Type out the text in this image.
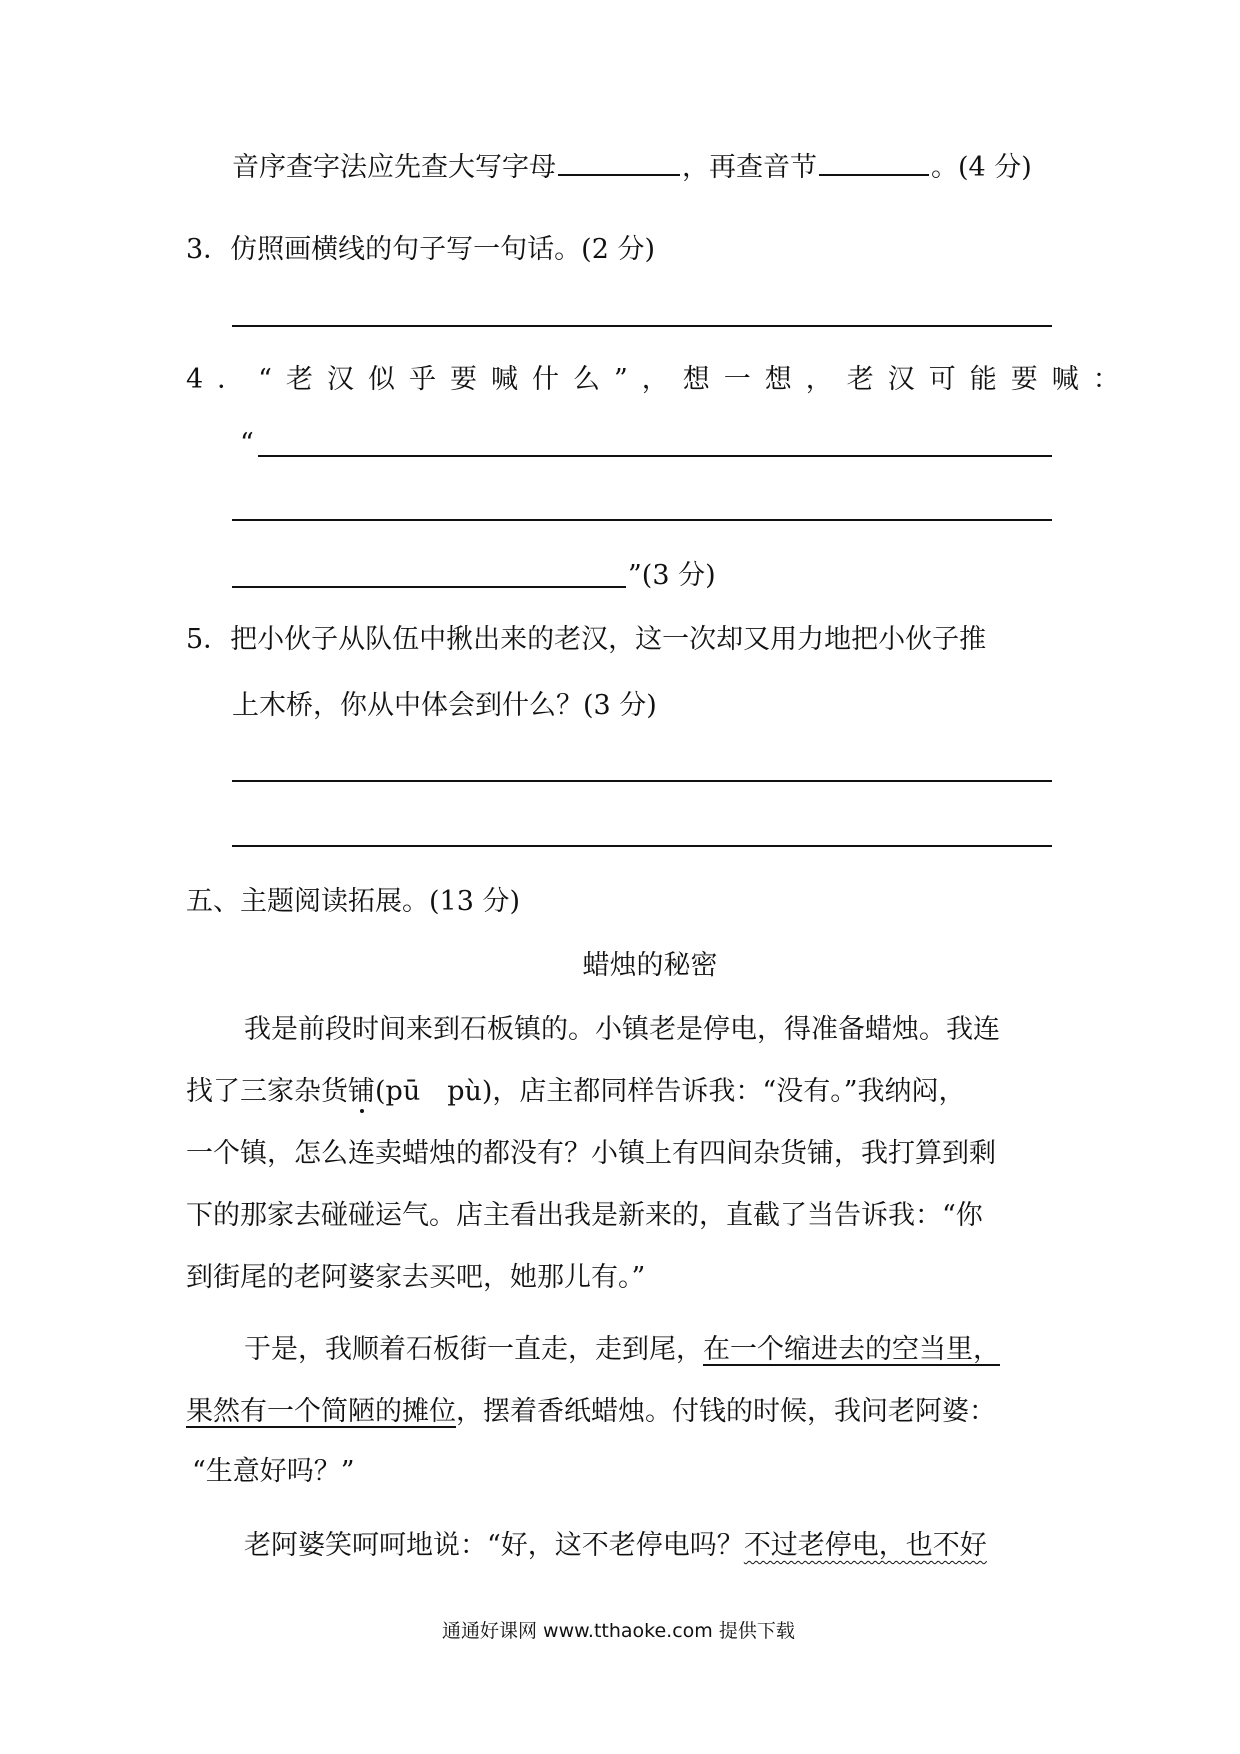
音序查字法应先查大写字母	，再查音节	。(4 分)
3．仿照画横线的句子写一句话。(2 分)
4．“老汉似乎要喊什么”，想一想，老汉可能要喊：
“
”(3 分)
5．把小伙子从队伍中揪出来的老汉，这一次却又用力地把小伙子推
上木桥，你从中体会到什么？(3 分)
五、主题阅读拓展。(13 分)
蜡烛的秘密
我是前段时间来到石板镇的。小镇老是停电，得准备蜡烛。我连
找了三家杂货铺(pū　pù)，店主都同样告诉我：“没有。”我纳闷，
一个镇，怎么连卖蜡烛的都没有？小镇上有四间杂货铺，我打算到剩
下的那家去碰碰运气。店主看出我是新来的，直截了当告诉我：“你
到街尾的老阿婆家去买吧，她那儿有。”
于是，我顺着石板街一直走，走到尾，在一个缩进去的空当里，
果然有一个简陋的摊位，摆着香纸蜡烛。付钱的时候，我问老阿婆：
“生意好吗？”
老阿婆笑呵呵地说：“好，这不老停电吗？不过老停电，也不好
通通好课网 www.tthaoke.com 提供下载
